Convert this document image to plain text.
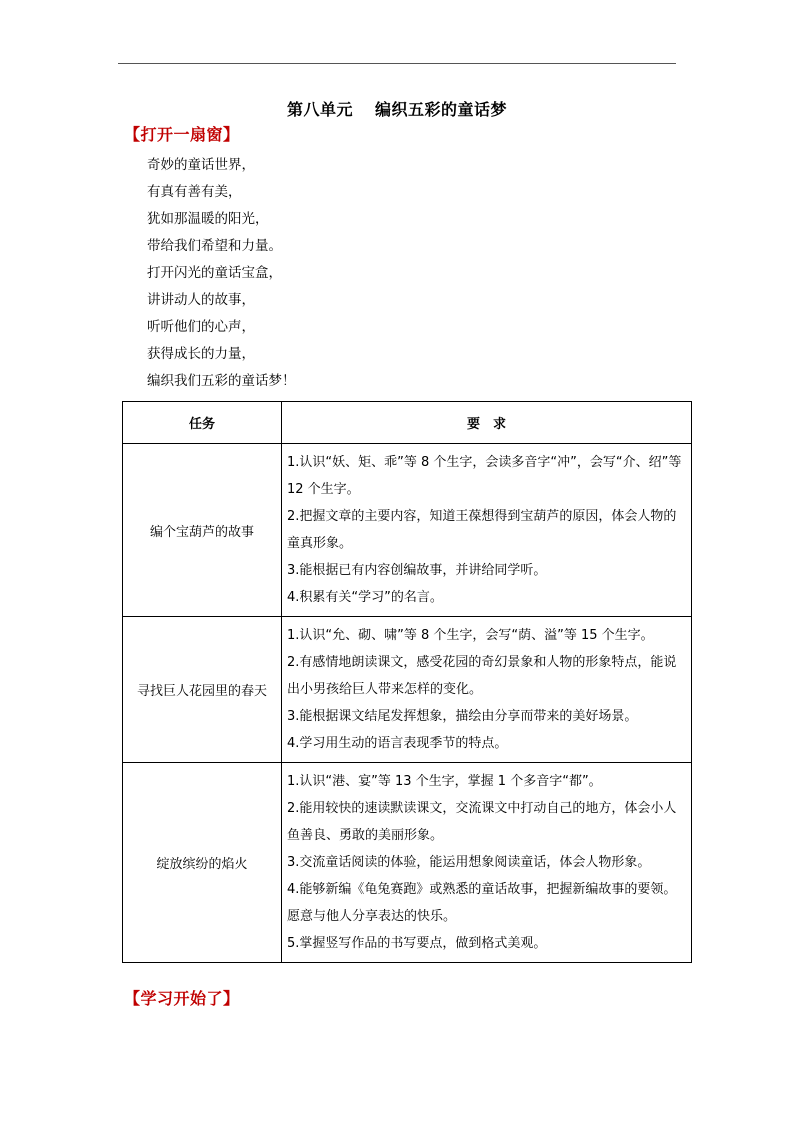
第八单元 编织五彩的童话梦
【打开一扇窗】
奇妙的童话世界，
有真有善有美，
犹如那温暖的阳光，
带给我们希望和力量。
打开闪光的童话宝盒，
讲讲动人的故事，
听听他们的心声，
获得成长的力量，
编织我们五彩的童话梦！
任务	要　求
编个宝葫芦的故事	1.认识“妖、矩、乖”等 8 个生字，会读多音字“冲”，会写“介、绍”等 12 个生字。

2.把握文章的主要内容，知道王葆想得到宝葫芦的原因，体会人物的童真形象。

3.能根据已有内容创编故事，并讲给同学听。

4.积累有关“学习”的名言。

寻找巨人花园里的春天	1.认识“允、砌、啸”等 8 个生字，会写“荫、溢”等 15 个生字。

2.有感情地朗读课文，感受花园的奇幻景象和人物的形象特点，能说出小男孩给巨人带来怎样的变化。

3.能根据课文结尾发挥想象，描绘由分享而带来的美好场景。

4.学习用生动的语言表现季节的特点。

绽放缤纷的焰火	1.认识“港、宴”等 13 个生字，掌握 1 个多音字“都”。

2.能用较快的速读默读课文，交流课文中打动自己的地方，体会小人鱼善良、勇敢的美丽形象。

3.交流童话阅读的体验，能运用想象阅读童话，体会人物形象。

4.能够新编《龟兔赛跑》或熟悉的童话故事，把握新编故事的要领。愿意与他人分享表达的快乐。

5.掌握竖写作品的书写要点，做到格式美观。

【学习开始了】
